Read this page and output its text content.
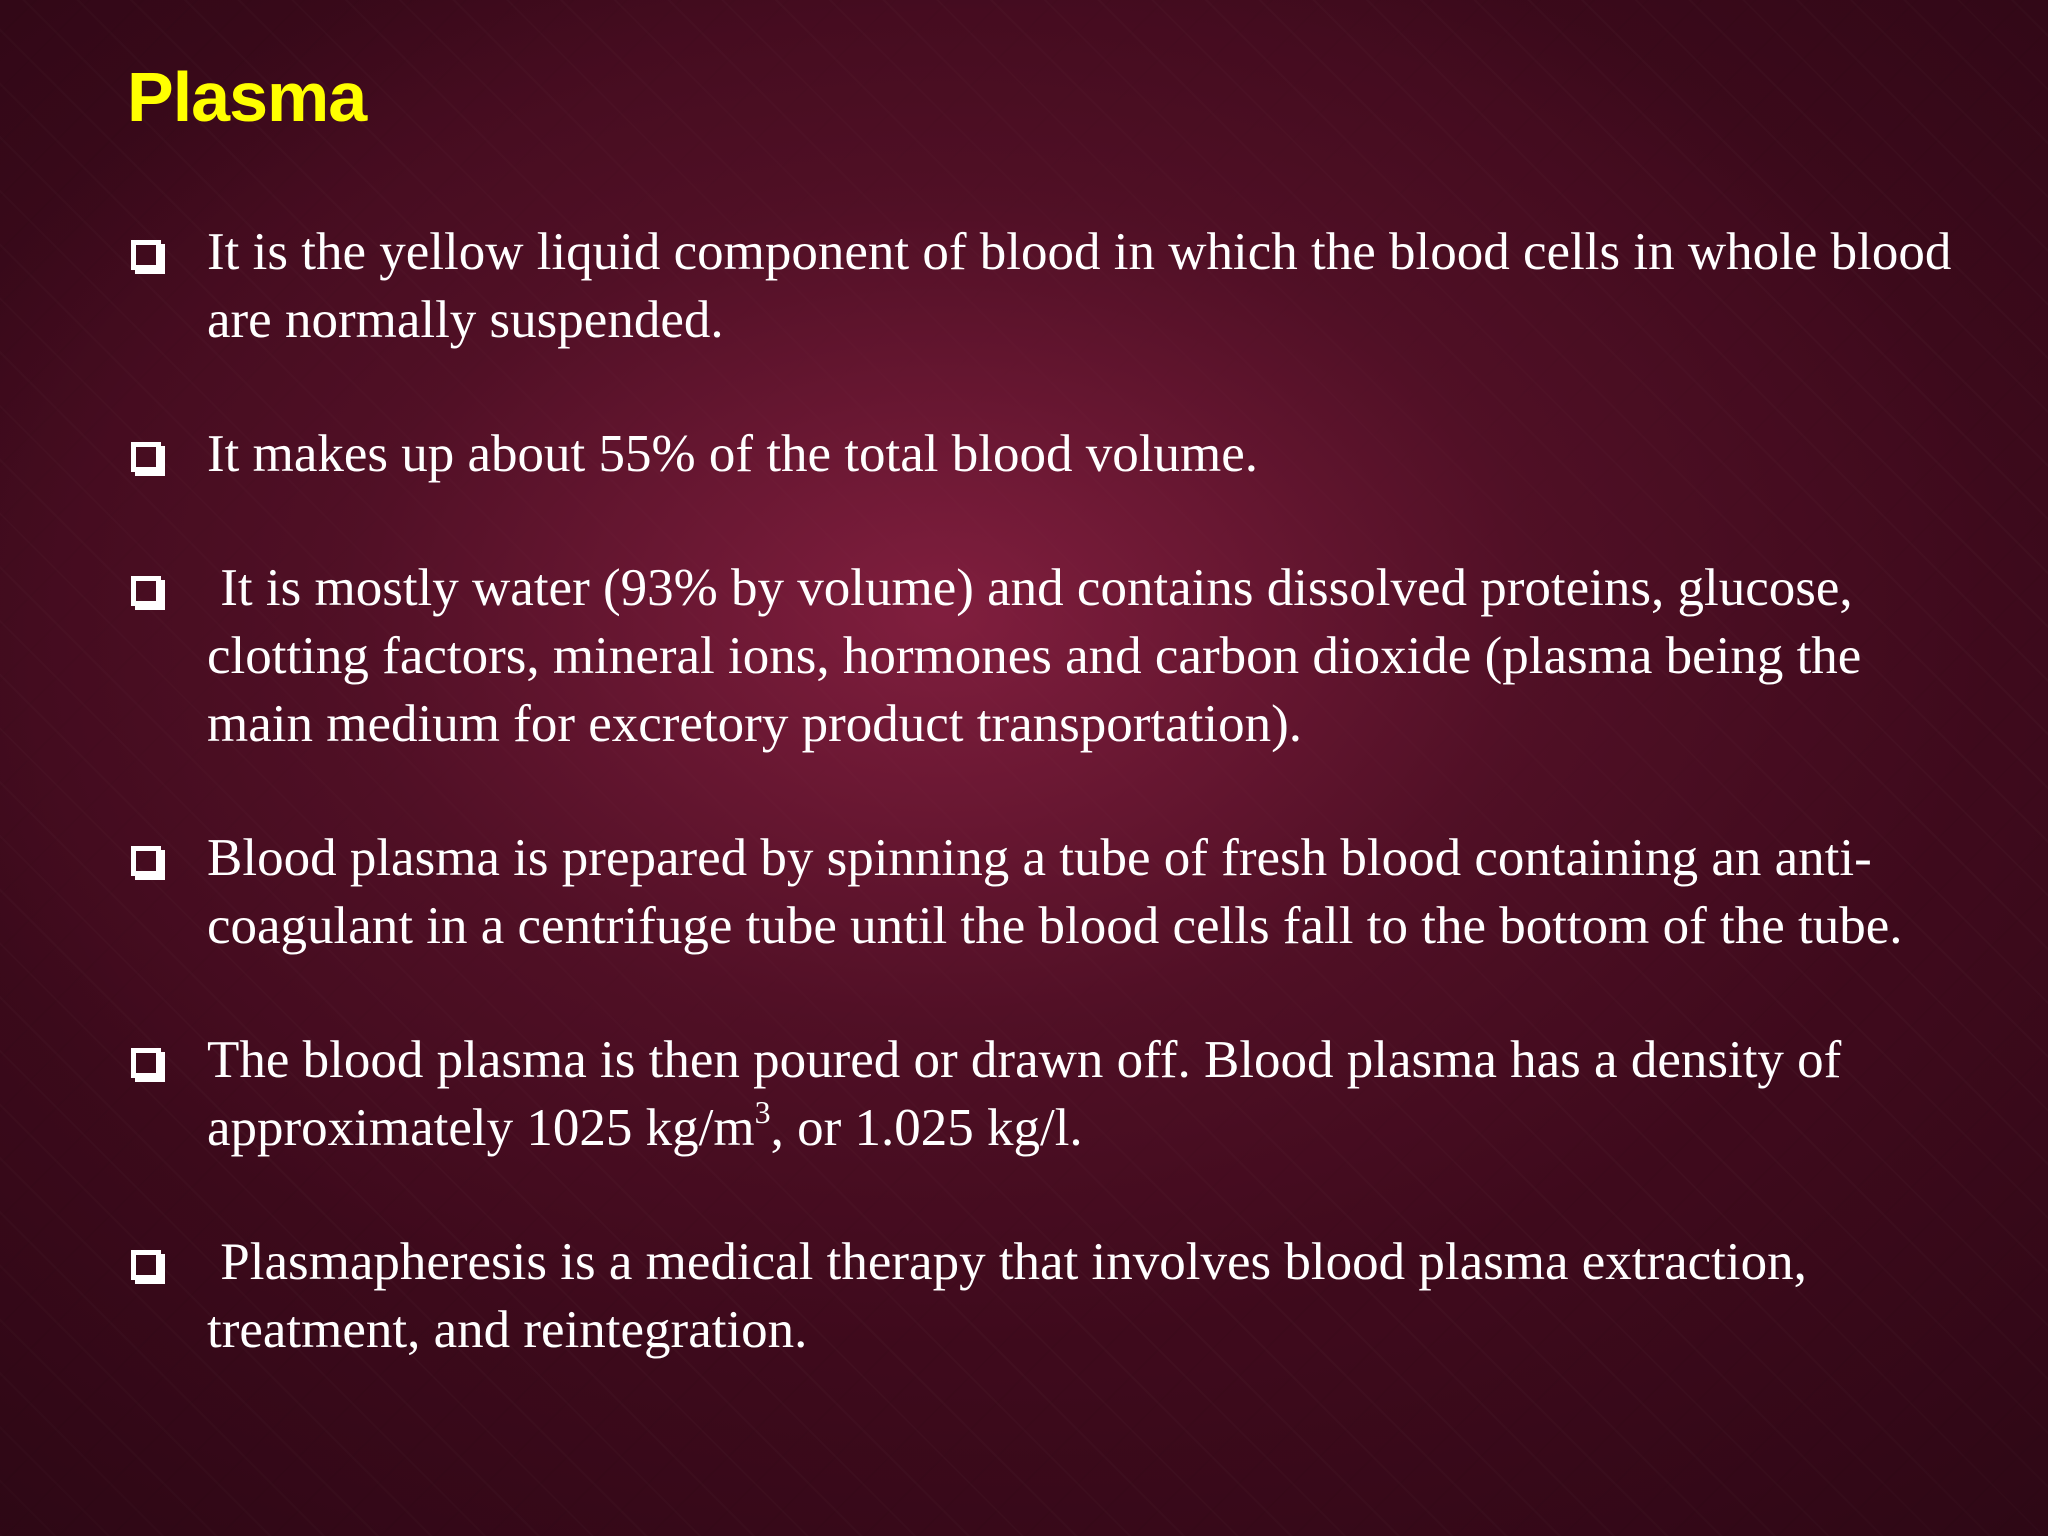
Plasma
It is the yellow liquid component of blood in which the blood cells in whole blood are normally suspended.
It makes up about 55% of the total blood volume.
It is mostly water (93% by volume) and contains dissolved proteins, glucose, clotting factors, mineral ions, hormones and carbon dioxide (plasma being the main medium for excretory product transportation).
Blood plasma is prepared by spinning a tube of fresh blood containing an anti-coagulant in a centrifuge tube until the blood cells fall to the bottom of the tube.
The blood plasma is then poured or drawn off. Blood plasma has a density of approximately 1025 $kg/m^3$, or 1.025 kg/l.
Plasmapheresis is a medical therapy that involves blood plasma extraction, treatment, and reintegration.
